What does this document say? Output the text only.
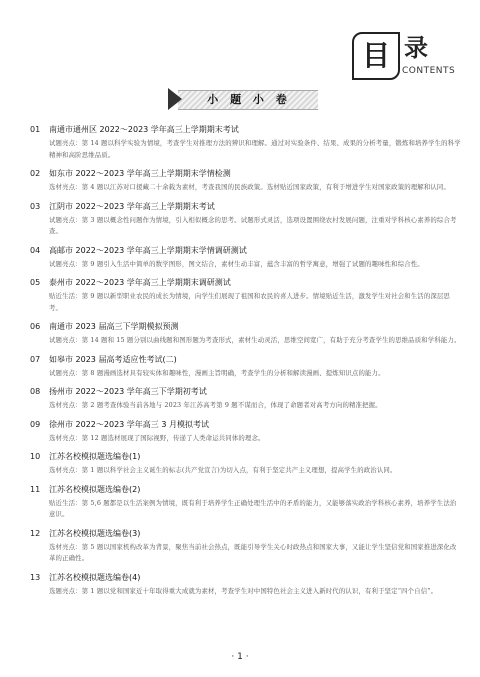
目 录
CONTENTS
小 题 小 卷
01	南通市通州区 2022～2023 学年高三上学期期末考试
试题亮点：第 14 题以科学实验为情境，考查学生对推理方法的辨识和理解。通过对实验条件、结果、成果的分析考量，锻炼和培养学生的科学精神和高阶思维品质。
02	如东市 2022～2023 学年高三上学期期末学情检测
选材亮点：第 4 题以江苏对口援藏二十余载为素材，考查我国的民族政策。选材贴近国家政策，有利于增进学生对国家政策的理解和认同。
03	江阴市 2022～2023 学年高三上学期期末考试
试题亮点：第 3 题以概念性问题作为情境，引入相似概念的思考。试题形式灵活，选项设置围绕农村发展问题，注重对学科核心素养的综合考查。
04	高邮市 2022～2023 学年高三上学期期末学情调研测试
试题亮点：第 9 题引入生活中简单的数学图形，图文结合，素材生动丰富，蕴含丰富的哲学寓意，增强了试题的趣味性和综合性。
05	泰州市 2022～2023 学年高三上学期期末调研测试
贴近生活：第 9 题以新型职业农民的成长为情境，向学生们展现了祖国和农民的喜人进步。情境贴近生活，激发学生对社会和生活的深层思考。
06	南通市 2023 届高三下学期模拟预测
试题亮点：第 14 题和 15 题分别以曲线题和图形题为考查形式，素材生动灵活，思维空间宽广，有助于充分考查学生的思维品质和学科能力。
07	如皋市 2023 届高考适应性考试(二)
试题亮点：第 8 题漫画选材具有较实体和趣味性，漫画主旨明确，考查学生的分析和解读漫画、提炼知识点的能力。
08	扬州市 2022～2023 学年高三下学期初考试
选材亮点：第 2 题考查体验当前各地与 2023 年江苏高考第 9 题不谋而合，体现了命题者对高考方向的精准把握。
09	徐州市 2022～2023 学年高三 3 月模拟考试
选材亮点：第 12 题选材展现了国际视野，传递了人类命运共同体的理念。
10	江苏名校模拟题选编卷(1)
选材亮点：第 1 题以科学社会主义诞生的标志(共产党宣言)为切入点，有利于坚定共产主义理想，提高学生的政治认同。
11	江苏名校模拟题选编卷(2)
贴近生活：第 5,6 题都是以生活案例为情境，既有利于培养学生正确处理生活中的矛盾的能力，又能够落实政治学科核心素养，培养学生法治意识。
12	江苏名校模拟题选编卷(3)
选材亮点：第 5 题以国家机构改革为背景，聚焦当前社会热点，既能引导学生关心时政热点和国家大事，又能让学生坚信党和国家推进深化改革的正确性。
13	江苏名校模拟题选编卷(4)
选题亮点：第 1 题以党和国家近十年取得重大成就为素材，考查学生对中国特色社会主义进入新时代的认识，有利于坚定“四个自信”。
· 1 ·
